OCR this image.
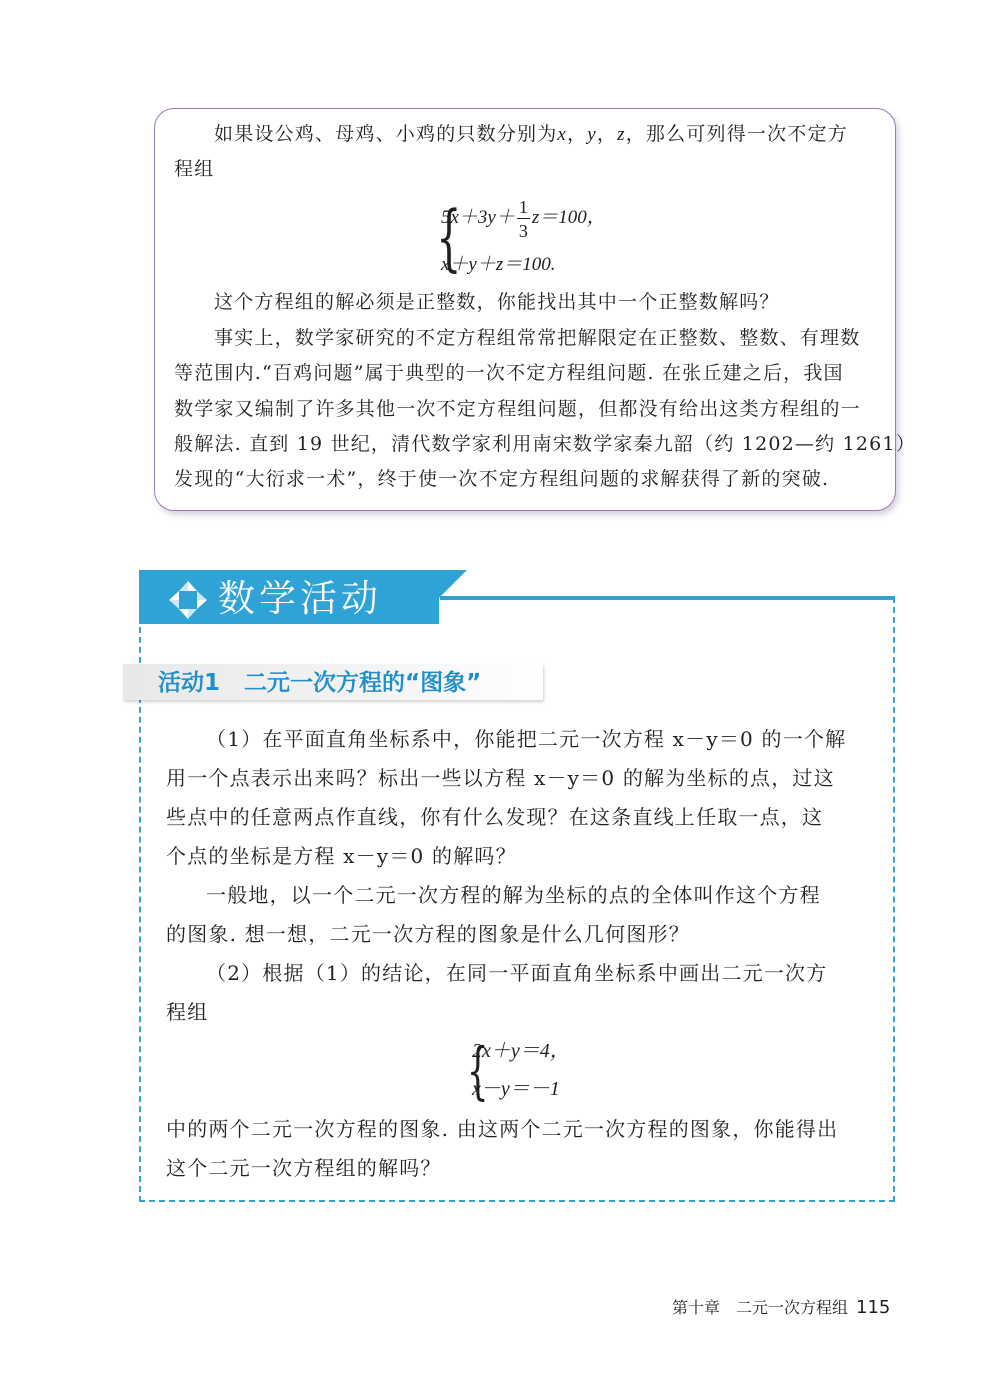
如果设公鸡、母鸡、小鸡的只数分别为x，y，z，那么可列得一次不定方
程组
{
$5x+3y+ \frac{1}{3} z=100$，
x＋y＋z＝100.
这个方程组的解必须是正整数，你能找出其中一个正整数解吗？
事实上，数学家研究的不定方程组常常把解限定在正整数、整数、有理数
等范围内.“百鸡问题”属于典型的一次不定方程组问题. 在张丘建之后，我国
数学家又编制了许多其他一次不定方程组问题，但都没有给出这类方程组的一
般解法. 直到 19 世纪，清代数学家利用南宋数学家秦九韶（约 1202—约 1261）
发现的“大衍求一术”，终于使一次不定方程组问题的求解获得了新的突破.
数学活动
活动1 二元一次方程的“图象”
（1）在平面直角坐标系中，你能把二元一次方程 x－y＝0 的一个解
用一个点表示出来吗？标出一些以方程 x－y＝0 的解为坐标的点，过这
些点中的任意两点作直线，你有什么发现？在这条直线上任取一点，这
个点的坐标是方程 x－y＝0 的解吗？
一般地，以一个二元一次方程的解为坐标的点的全体叫作这个方程
的图象. 想一想，二元一次方程的图象是什么几何图形？
（2）根据（1）的结论，在同一平面直角坐标系中画出二元一次方
程组
{
2x＋y＝4，
x－y＝－1
中的两个二元一次方程的图象. 由这两个二元一次方程的图象，你能得出
这个二元一次方程组的解吗？
第十章　二元一次方程组 115
